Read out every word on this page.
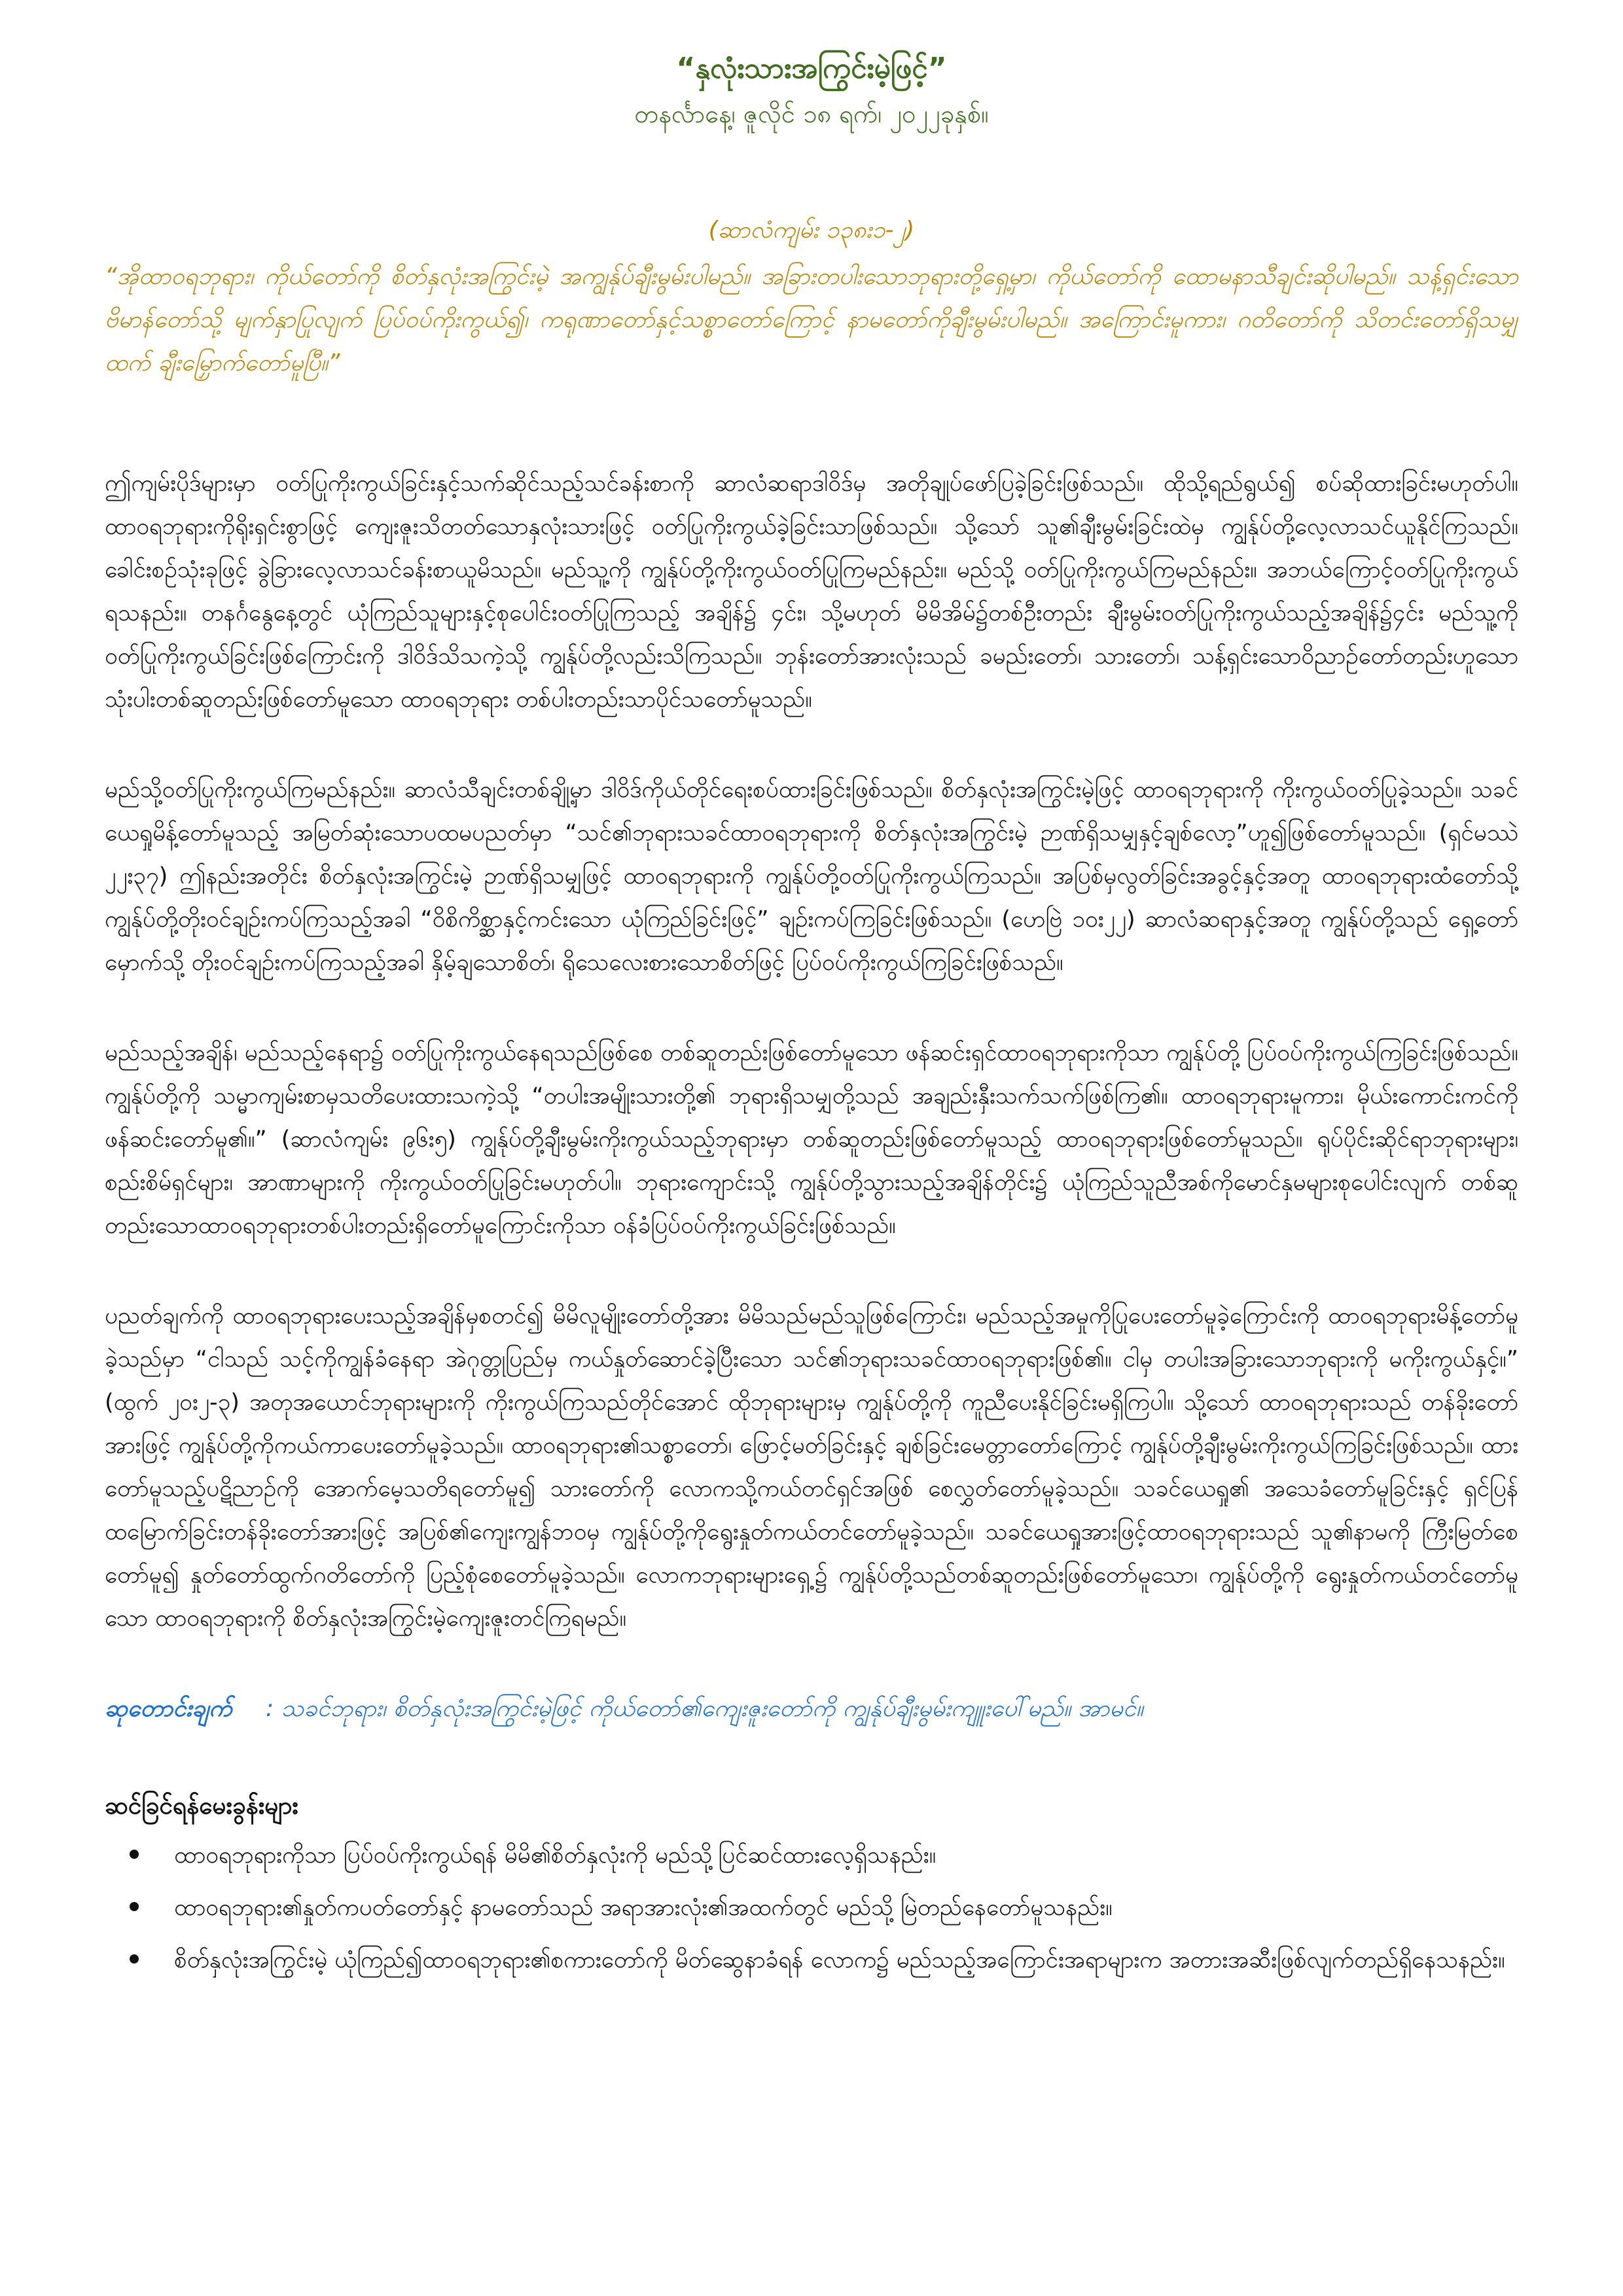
“နှလုံးသားအကြွင်းမဲ့ဖြင့်”

တနင်္လာနေ့၊ ဇူလိုင် ၁၈ ရက်၊ ၂၀၂၂ခုနှစ်။

(ဆာလံကျမ်း ၁၃၈း၁-၂)

“အိုထာဝရဘုရား၊ ကိုယ်တော်ကို စိတ်နှလုံးအကြွင်းမဲ့ အကျွန်ုပ်ချီးမွမ်းပါမည်။ အခြားတပါးသောဘုရားတို့ရှေ့မှာ၊ ကိုယ်တော်ကို ထောမနာသီချင်းဆိုပါမည်။ သန့်ရှင်းသောဗိမာန်တော်သို့ မျက်နှာပြုလျက် ပြပ်ဝပ်ကိုးကွယ်၍၊ ကရုဏာတော်နှင့်သစ္စာတော်ကြောင့် နာမတော်ကိုချီးမွမ်းပါမည်။ အကြောင်းမူကား၊ ဂတိတော်ကို သိတင်းတော်ရှိသမျှထက် ချီးမြှောက်တော်မူပြီ။”

ဤကျမ်းပိုဒ်များမှာ ဝတ်ပြုကိုးကွယ်ခြင်းနှင့်သက်ဆိုင်သည့်သင်ခန်းစာကို ဆာလံဆရာဒါဝိဒ်မှ အတိုချုပ်ဖော်ပြခဲ့ခြင်းဖြစ်သည်။ ထိုသို့ရည်ရွယ်၍ စပ်ဆိုထားခြင်းမဟုတ်ပါ။ ထာဝရဘုရားကိုရိုးရှင်းစွာဖြင့် ကျေးဇူးသိတတ်သောနှလုံးသားဖြင့် ဝတ်ပြုကိုးကွယ်ခဲ့ခြင်းသာဖြစ်သည်။ သို့သော် သူ၏ချီးမွမ်းခြင်းထဲမှ ကျွန်ုပ်တို့လေ့လာသင်ယူနိုင်ကြသည်။ ခေါင်းစဉ်သုံးခုဖြင့် ခွဲခြားလေ့လာသင်ခန်းစာယူမိသည်။ မည်သူ့ကို ကျွန်ုပ်တို့ကိုးကွယ်ဝတ်ပြုကြမည်နည်း။ မည်သို့ ဝတ်ပြုကိုးကွယ်ကြမည်နည်း။ အဘယ်ကြောင့်ဝတ်ပြုကိုးကွယ်ရသနည်း။ တနင်္ဂနွေနေ့တွင် ယုံကြည်သူများနှင့်စုပေါင်းဝတ်ပြုကြသည့် အချိန်၌ ၄င်း၊ သို့မဟုတ် မိမိအိမ်၌တစ်ဦးတည်း ချီးမွမ်းဝတ်ပြုကိုးကွယ်သည့်အချိန်၌၄င်း မည်သူ့ကို ဝတ်ပြုကိုးကွယ်ခြင်းဖြစ်ကြောင်းကို ဒါဝိဒ်သိသကဲ့သို့ ကျွန်ုပ်တို့လည်းသိကြသည်။ ဘုန်းတော်အားလုံးသည် ခမည်းတော်၊ သားတော်၊ သန့်ရှင်းသောဝိညာဉ်တော်တည်းဟူသော သုံးပါးတစ်ဆူတည်းဖြစ်တော်မူသော ထာဝရဘုရား တစ်ပါးတည်းသာပိုင်သတော်မူသည်။

မည်သို့ဝတ်ပြုကိုးကွယ်ကြမည်နည်း။ ဆာလံသီချင်းတစ်ချို့မှာ ဒါဝိဒ်ကိုယ်တိုင်ရေးစပ်ထားခြင်းဖြစ်သည်။ စိတ်နှလုံးအကြွင်းမဲ့ဖြင့် ထာဝရဘုရားကို ကိုးကွယ်ဝတ်ပြုခဲ့သည်။ သခင်ယေရှုမိန့်တော်မူသည့် အမြတ်ဆုံးသောပထမပညတ်မှာ “သင်၏ဘုရားသခင်ထာဝရဘုရားကို စိတ်နှလုံးအကြွင်းမဲ့ ဉာဏ်ရှိသမျှနှင့်ချစ်လော့”ဟူ၍ဖြစ်တော်မူသည်။ (ရှင်မဿဲ ၂၂း၃၇) ဤနည်းအတိုင်း စိတ်နှလုံးအကြွင်းမဲ့ ဉာဏ်ရှိသမျှဖြင့် ထာဝရဘုရားကို ကျွန်ုပ်တို့ဝတ်ပြုကိုးကွယ်ကြသည်။ အပြစ်မှလွတ်ခြင်းအခွင့်နှင့်အတူ ထာဝရဘုရားထံတော်သို့ ကျွန်ုပ်တို့တိုးဝင်ချဉ်းကပ်ကြသည့်အခါ “ဝိစိကိစ္ဆာနှင့်ကင်းသော ယုံကြည်ခြင်းဖြင့်” ချဉ်းကပ်ကြခြင်းဖြစ်သည်။ (ဟေဗြဲ ၁၀း၂၂) ဆာလံဆရာနှင့်အတူ ကျွန်ုပ်တို့သည် ရှေ့တော်မှောက်သို့ တိုးဝင်ချဉ်းကပ်ကြသည့်အခါ နှိမ့်ချသောစိတ်၊ ရိုသေလေးစားသောစိတ်ဖြင့် ပြပ်ဝပ်ကိုးကွယ်ကြခြင်းဖြစ်သည်။

မည်သည့်အချိန်၊ မည်သည့်နေရာ၌ ဝတ်ပြုကိုးကွယ်နေရသည်ဖြစ်စေ တစ်ဆူတည်းဖြစ်တော်မူသော ဖန်ဆင်းရှင်ထာဝရဘုရားကိုသာ ကျွန်ုပ်တို့ ပြပ်ဝပ်ကိုးကွယ်ကြခြင်းဖြစ်သည်။ ကျွန်ုပ်တို့ကို သမ္မာကျမ်းစာမှသတိပေးထားသကဲ့သို့ “တပါးအမျိုးသားတို့၏ ဘုရားရှိသမျှတို့သည် အချည်းနှီးသက်သက်ဖြစ်ကြ၏။ ထာဝရဘုရားမူကား၊ မိုယ်းကောင်းကင်ကို ဖန်ဆင်းတော်မူ၏။” (ဆာလံကျမ်း ၉၆း၅) ကျွန်ုပ်တို့ချီးမွမ်းကိုးကွယ်သည့်ဘုရားမှာ တစ်ဆူတည်းဖြစ်တော်မူသည့် ထာဝရဘုရားဖြစ်တော်မူသည်။ ရုပ်ပိုင်းဆိုင်ရာဘုရားများ၊ စည်းစိမ်ရှင်များ၊ အာဏာများကို ကိုးကွယ်ဝတ်ပြုခြင်းမဟုတ်ပါ။ ဘုရားကျောင်းသို့ ကျွန်ုပ်တို့သွားသည့်အချိန်တိုင်း၌ ယုံကြည်သူညီအစ်ကိုမောင်နှမများစုပေါင်းလျက် တစ်ဆူတည်းသောထာဝရဘုရားတစ်ပါးတည်းရှိတော်မူကြောင်းကိုသာ ဝန်ခံပြပ်ဝပ်ကိုးကွယ်ခြင်းဖြစ်သည်။

ပညတ်ချက်ကို ထာဝရဘုရားပေးသည့်အချိန်မှစတင်၍ မိမိလူမျိုးတော်တို့အား မိမိသည်မည်သူဖြစ်ကြောင်း၊ မည်သည့်အမှုကိုပြုပေးတော်မူခဲ့ကြောင်းကို ထာဝရဘုရားမိန့်တော်မူခဲ့သည်မှာ “ငါသည် သင့်ကိုကျွန်ခံနေရာ အဲဂုတ္တုပြည်မှ ကယ်နှုတ်ဆောင်ခဲ့ပြီးသော သင်၏ဘုရားသခင်ထာဝရဘုရားဖြစ်၏။ ငါမှ တပါးအခြားသောဘုရားကို မကိုးကွယ်နှင့်။” (ထွက် ၂၀း၂-၃) အတုအယောင်ဘုရားများကို ကိုးကွယ်ကြသည်တိုင်အောင် ထိုဘုရားများမှ ကျွန်ုပ်တို့ကို ကူညီပေးနိုင်ခြင်းမရှိကြပါ။ သို့သော် ထာဝရဘုရားသည် တန်ခိုးတော်အားဖြင့် ကျွန်ုပ်တို့ကိုကယ်ကာပေးတော်မူခဲ့သည်။ ထာဝရဘုရား၏သစ္စာတော်၊ ဖြောင့်မတ်ခြင်းနှင့် ချစ်ခြင်းမေတ္တာတော်ကြောင့် ကျွန်ုပ်တို့ချီးမွမ်းကိုးကွယ်ကြခြင်းဖြစ်သည်။ ထားတော်မူသည့်ပဋိညာဉ်ကို အောက်မေ့သတိရတော်မူ၍ သားတော်ကို လောကသို့ကယ်တင်ရှင်အဖြစ် စေလွှတ်တော်မူခဲ့သည်။ သခင်ယေရှု၏ အသေခံတော်မူခြင်းနှင့် ရှင်ပြန်ထမြောက်ခြင်းတန်ခိုးတော်အားဖြင့် အပြစ်၏ကျေးကျွန်ဘဝမှ ကျွန်ုပ်တို့ကိုရွေးနှုတ်ကယ်တင်တော်မူခဲ့သည်။ သခင်ယေရှုအားဖြင့်ထာဝရဘုရားသည် သူ၏နာမကို ကြီးမြတ်စေတော်မူ၍ နှုတ်တော်ထွက်ဂတိတော်ကို ပြည့်စုံစေတော်မူခဲ့သည်။ လောကဘုရားများရှေ့၌ ကျွန်ုပ်တို့သည်တစ်ဆူတည်းဖြစ်တော်မူသော၊ ကျွန်ုပ်တို့ကို ရွေးနှုတ်ကယ်တင်တော်မူသော ထာဝရဘုရားကို စိတ်နှလုံးအကြွင်းမဲ့ကျေးဇူးတင်ကြရမည်။

ဆုတောင်းချက် : သခင်ဘုရား၊ စိတ်နှလုံးအကြွင်းမဲ့ဖြင့် ကိုယ်တော်၏ကျေးဇူးတော်ကို ကျွန်ုပ်ချီးမွမ်းကျူးပေါ်မည်။ အာမင်။
ဆင်ခြင်ရန်မေးခွန်းများ
ထာဝရဘုရားကိုသာ ပြပ်ဝပ်ကိုးကွယ်ရန် မိမိ၏စိတ်နှလုံးကို မည်သို့ပြင်ဆင်ထားလေ့ရှိသနည်း။
ထာဝရဘုရား၏နှုတ်ကပတ်တော်နှင့် နာမတော်သည် အရာအားလုံး၏အထက်တွင် မည်သို့ မြဲတည်နေတော်မူသနည်း။
စိတ်နှလုံးအကြွင်းမဲ့ ယုံကြည်၍ထာဝရဘုရား၏စကားတော်ကို မိတ်ဆွေနာခံရန် လောက၌ မည်သည့်အကြောင်းအရာများက အတားအဆီးဖြစ်လျက်တည်ရှိနေသနည်း။
